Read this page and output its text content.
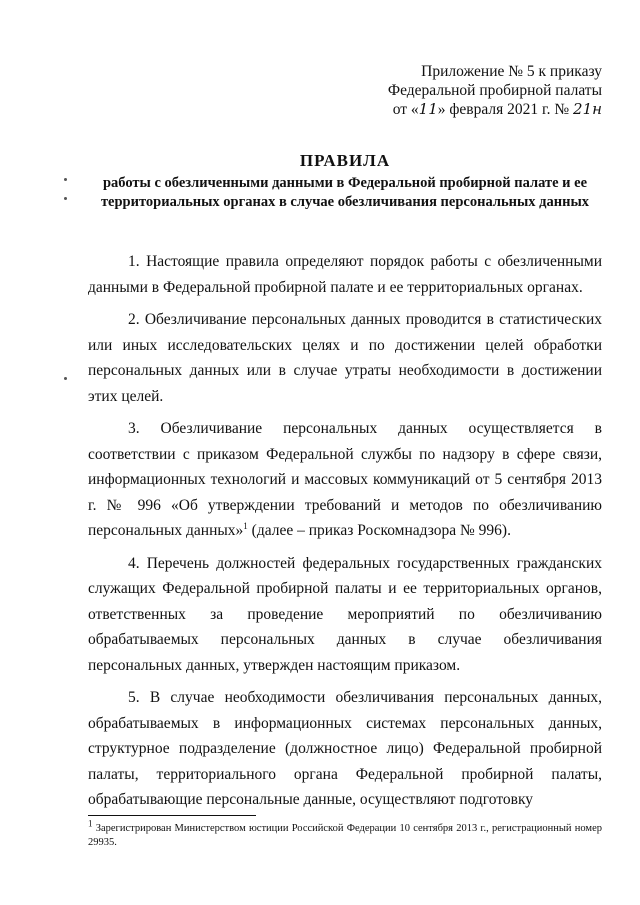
Приложение № 5 к приказу
Федеральной пробирной палаты
от «11» февраля 2021 г. № 21н
ПРАВИЛА
работы с обезличенными данными в Федеральной пробирной палате и ее территориальных органах в случае обезличивания персональных данных

1. Настоящие правила определяют порядок работы с обезличенными данными в Федеральной пробирной палате и ее территориальных органах.

2. Обезличивание персональных данных проводится в статистических или иных исследовательских целях и по достижении целей обработки персональных данных или в случае утраты необходимости в достижении этих целей.

3. Обезличивание персональных данных осуществляется в соответствии с приказом Федеральной службы по надзору в сфере связи, информационных технологий и массовых коммуникаций от 5 сентября 2013 г. № 996 «Об утверждении требований и методов по обезличиванию персональных данных»$^1$ (далее – приказ Роскомнадзора № 996).

4. Перечень должностей федеральных государственных гражданских служащих Федеральной пробирной палаты и ее территориальных органов, ответственных за проведение мероприятий по обезличиванию обрабатываемых персональных данных в случае обезличивания персональных данных, утвержден настоящим приказом.

5. В случае необходимости обезличивания персональных данных, обрабатываемых в информационных системах персональных данных, структурное подразделение (должностное лицо) Федеральной пробирной палаты, территориального органа Федеральной пробирной палаты, обрабатывающие персональные данные, осуществляют подготовку

$^1$ Зарегистрирован Министерством юстиции Российской Федерации 10 сентября 2013 г., регистрационный номер 29935.
